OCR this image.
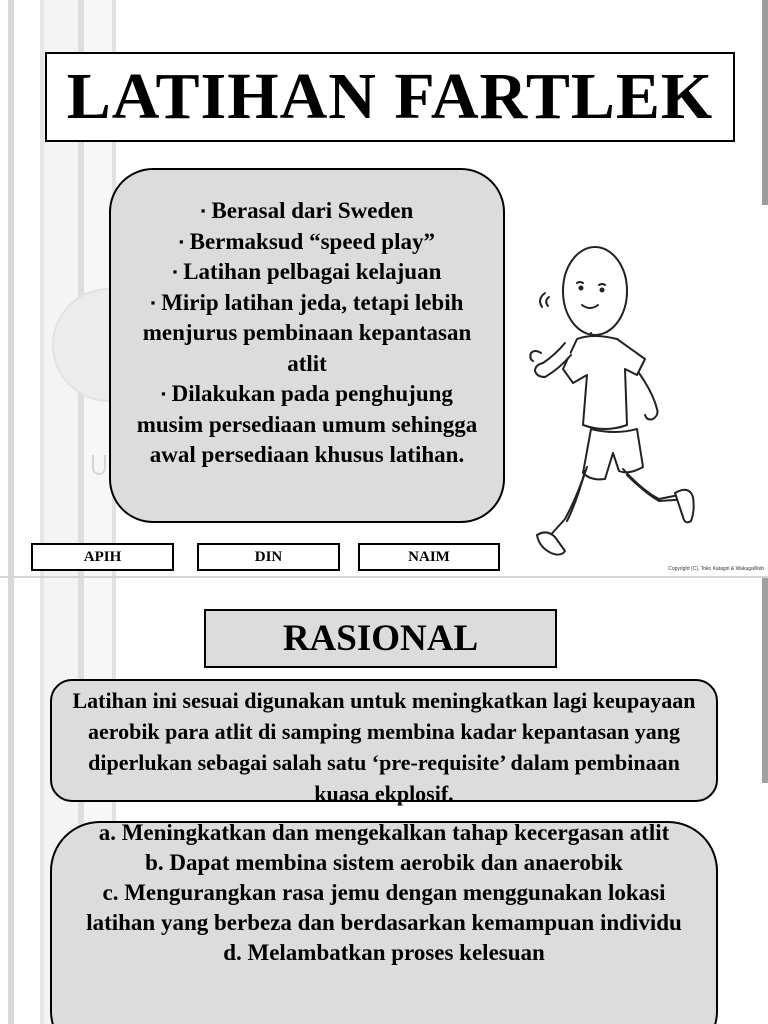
LATIHAN FARTLEK

▪ Berasal dari Sweden

▪ Bermaksud “speed play”

▪ Latihan pelbagai kelajuan

▪ Mirip latihan jeda, tetapi lebih menjurus pembinaan kepantasan atlit

▪ Dilakukan pada penghujung musim persediaan umum sehingga awal persediaan khusus latihan.

APIH	DIN	NAIM
Copyright (C), Toko Katagiri & WakugaWeb
RASIONAL
Latihan ini sesuai digunakan untuk meningkatkan lagi keupayaan aerobik para atlit di samping membina kadar kepantasan yang diperlukan sebagai salah satu ‘pre-requisite’ dalam pembinaan kuasa ekplosif.

a. Meningkatkan dan mengekalkan tahap kecergasan atlit

b. Dapat membina sistem aerobik dan anaerobik

c. Mengurangkan rasa jemu dengan menggunakan lokasi latihan yang berbeza dan berdasarkan kemampuan individu

d. Melambatkan proses kelesuan
